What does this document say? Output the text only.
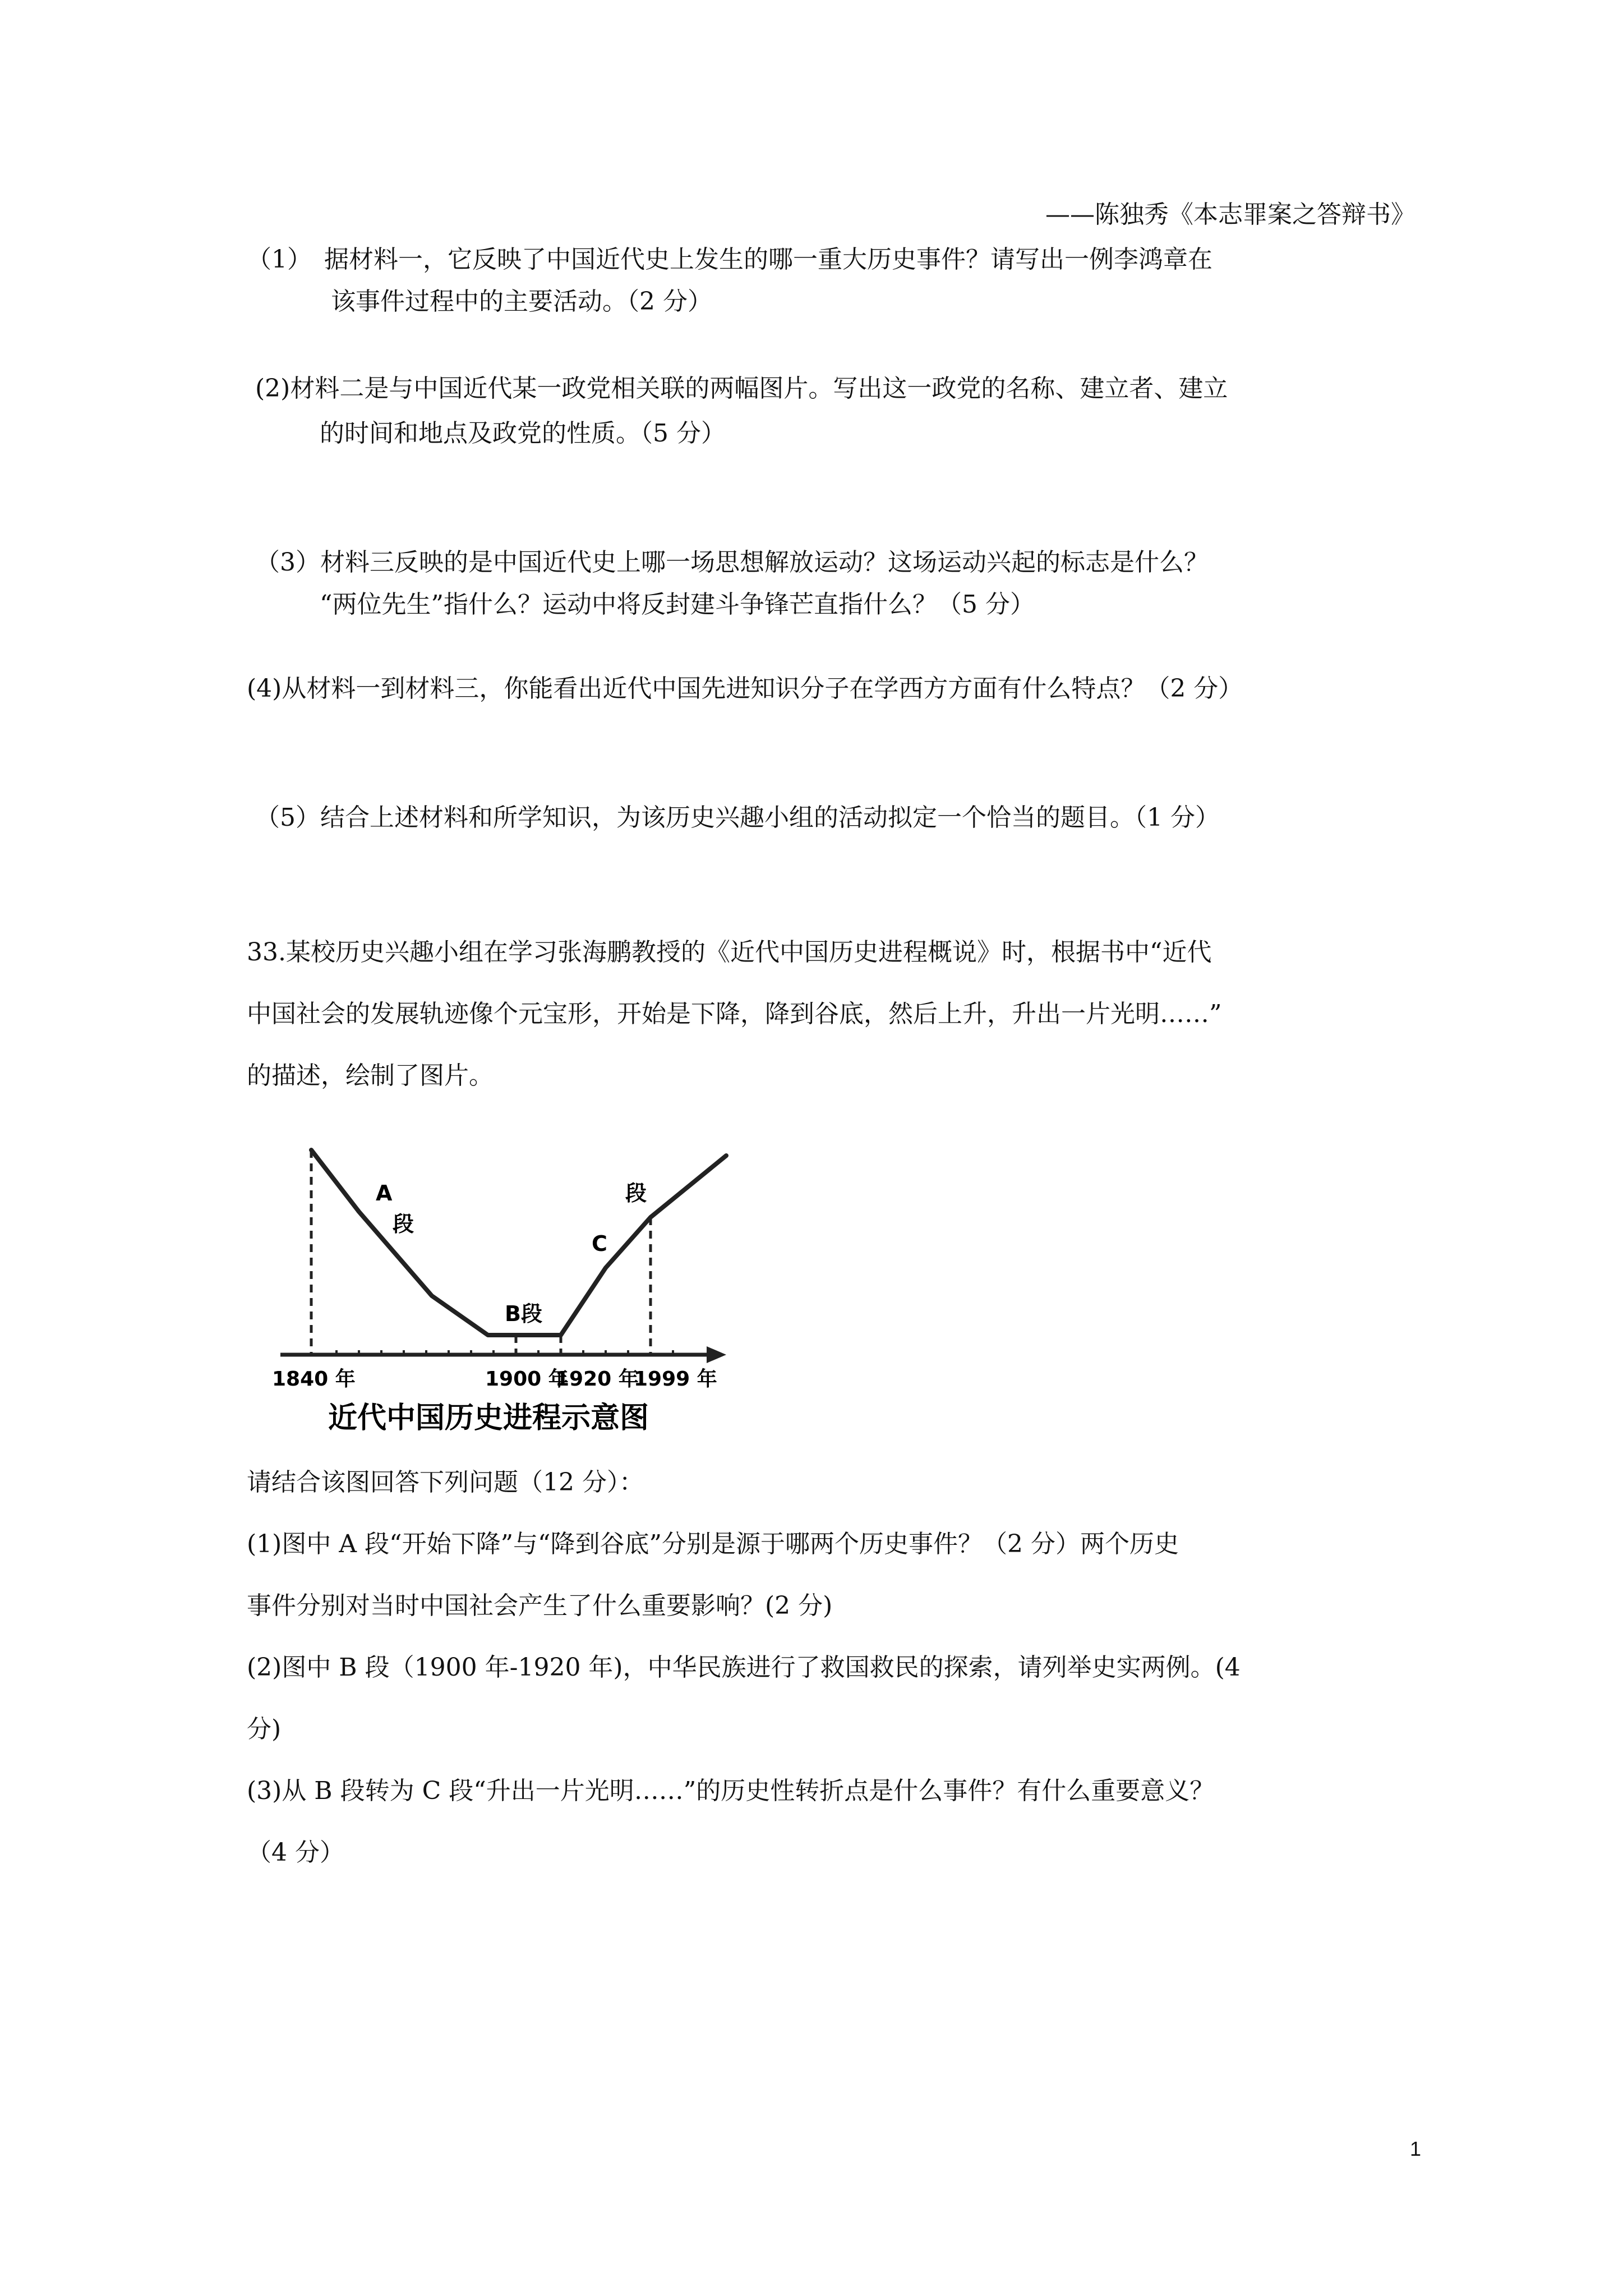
——陈独秀《本志罪案之答辩书》
（1）　据材料一，它反映了中国近代史上发生的哪一重大历史事件？请写出一例李鸿章在
该事件过程中的主要活动。（2 分）
(2)材料二是与中国近代某一政党相关联的两幅图片。写出这一政党的名称、建立者、建立
的时间和地点及政党的性质。（5 分）
（3）材料三反映的是中国近代史上哪一场思想解放运动？这场运动兴起的标志是什么？
“两位先生”指什么？运动中将反封建斗争锋芒直指什么？（5 分）
(4)从材料一到材料三，你能看出近代中国先进知识分子在学西方方面有什么特点？（2 分）
（5）结合上述材料和所学知识，为该历史兴趣小组的活动拟定一个恰当的题目。（1 分）
33.某校历史兴趣小组在学习张海鹏教授的《近代中国历史进程概说》时，根据书中“近代
中国社会的发展轨迹像个元宝形，开始是下降，降到谷底，然后上升，升出一片光明……”
的描述，绘制了图片。
A
段
B段
C
段
1840 年	1900 年
1920 年
1999 年
近代中国历史进程示意图
请结合该图回答下列问题（12 分）：
(1)图中 A 段“开始下降”与“降到谷底”分别是源于哪两个历史事件？（2 分）两个历史
事件分别对当时中国社会产生了什么重要影响？(2 分)
(2)图中 B 段（1900 年-1920 年)，中华民族进行了救国救民的探索，请列举史实两例。(4
分)
(3)从 B 段转为 C 段“升出一片光明……”的历史性转折点是什么事件？有什么重要意义？
（4 分）
1
